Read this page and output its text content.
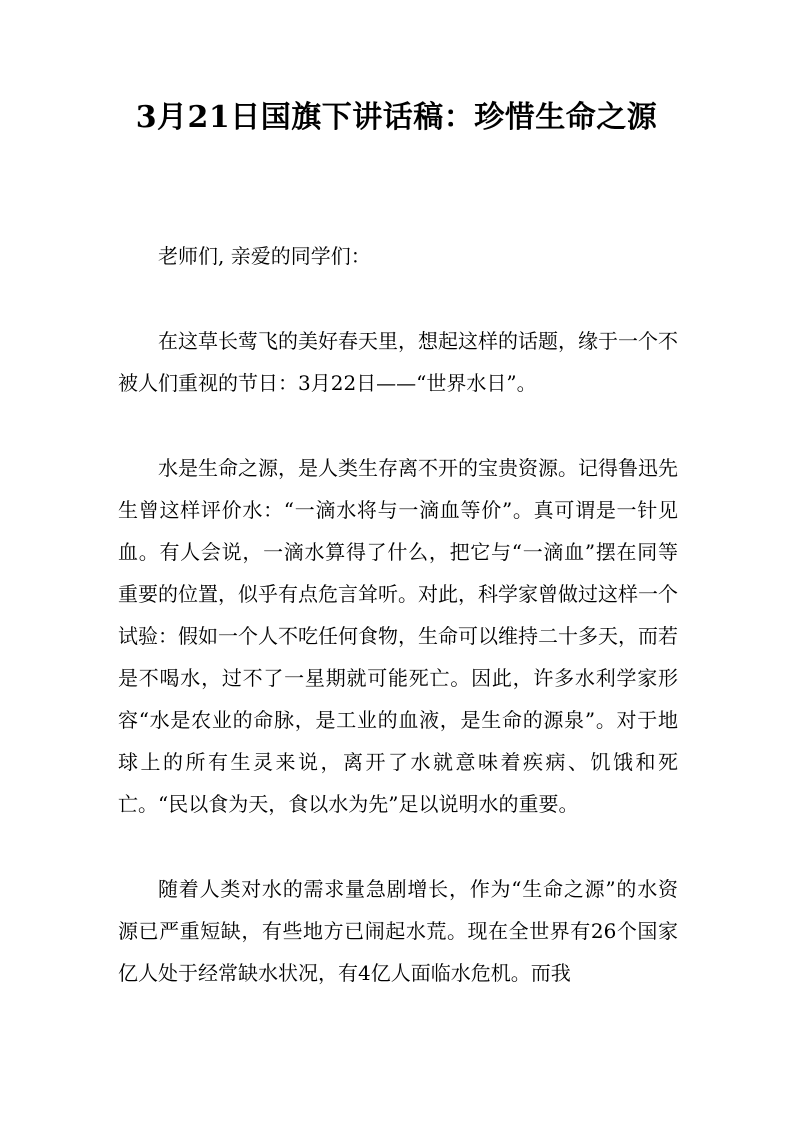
3月21日国旗下讲话稿：珍惜生命之源

老师们, 亲爱的同学们：

在这草长莺飞的美好春天里，想起这样的话题，缘于一个不被人们重视的节日：3月22日——“世界水日”。

水是生命之源，是人类生存离不开的宝贵资源。记得鲁迅先生曾这样评价水：“一滴水将与一滴血等价”。真可谓是一针见血。有人会说，一滴水算得了什么，把它与“一滴血”摆在同等重要的位置，似乎有点危言耸听。对此，科学家曾做过这样一个试验：假如一个人不吃任何食物，生命可以维持二十多天，而若是不喝水，过不了一星期就可能死亡。因此，许多水利学家形容“水是农业的命脉，是工业的血液，是生命的源泉”。对于地球上的所有生灵来说，离开了水就意味着疾病、饥饿和死亡。“民以食为天，食以水为先”足以说明水的重要。

随着人类对水的需求量急剧增长，作为“生命之源”的水资源已严重短缺，有些地方已闹起水荒。现在全世界有26个国家亿人处于经常缺水状况，有4亿人面临水危机。而我
